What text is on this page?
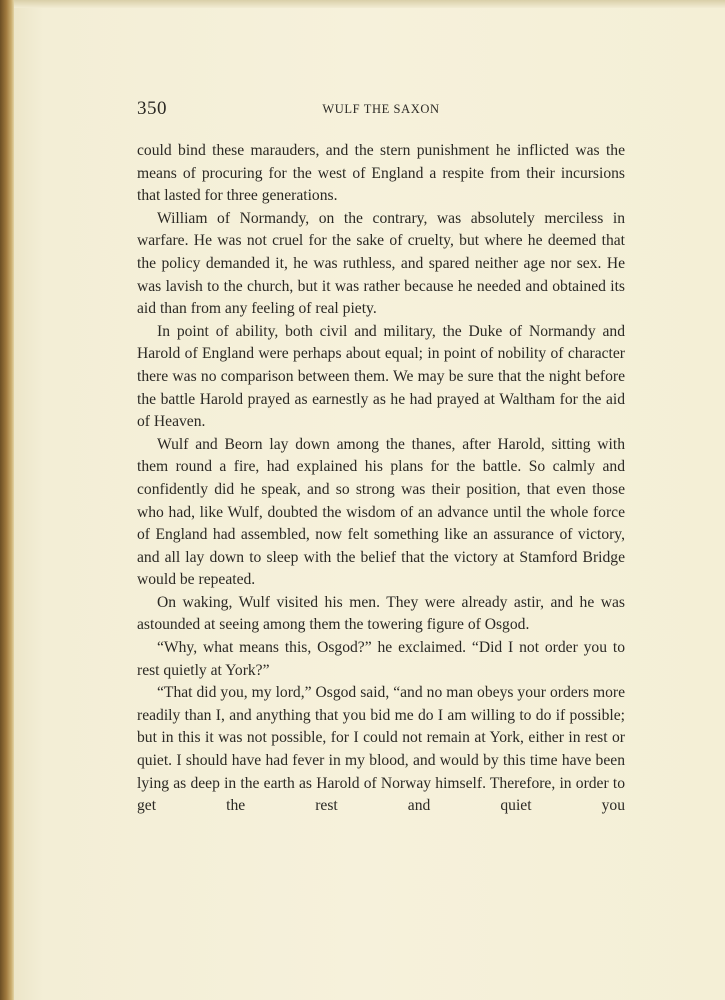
350	WULF THE SAXON

could bind these marauders, and the stern punishment he inflicted was the means of procuring for the west of England a respite from their incursions that lasted for three generations.

William of Normandy, on the contrary, was absolutely merciless in warfare. He was not cruel for the sake of cruelty, but where he deemed that the policy demanded it, he was ruthless, and spared neither age nor sex. He was lavish to the church, but it was rather because he needed and obtained its aid than from any feeling of real piety.

In point of ability, both civil and military, the Duke of Normandy and Harold of England were perhaps about equal; in point of nobility of character there was no comparison between them. We may be sure that the night before the battle Harold prayed as earnestly as he had prayed at Waltham for the aid of Heaven.

Wulf and Beorn lay down among the thanes, after Harold, sitting with them round a fire, had explained his plans for the battle. So calmly and confidently did he speak, and so strong was their position, that even those who had, like Wulf, doubted the wisdom of an advance until the whole force of England had assembled, now felt something like an assurance of victory, and all lay down to sleep with the belief that the victory at Stamford Bridge would be repeated.

On waking, Wulf visited his men. They were already astir, and he was astounded at seeing among them the towering figure of Osgod.

“Why, what means this, Osgod?” he exclaimed. “Did I not order you to rest quietly at York?”

“That did you, my lord,” Osgod said, “and no man obeys your orders more readily than I, and anything that you bid me do I am willing to do if possible; but in this it was not possible, for I could not remain at York, either in rest or quiet. I should have had fever in my blood, and would by this time have been lying as deep in the earth as Harold of Norway himself. Therefore, in order to get the rest and quiet you
